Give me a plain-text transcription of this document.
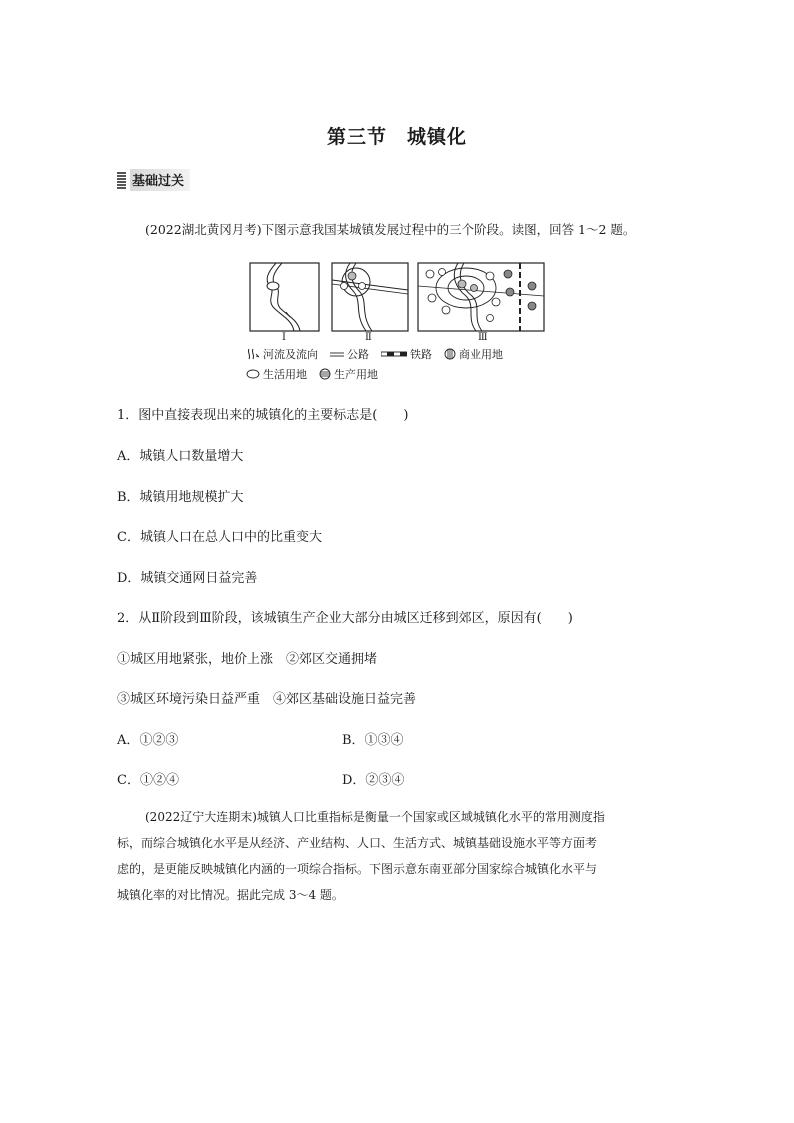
第三节　城镇化
基础过关
(2022湖北黄冈月考)下图示意我国某城镇发展过程中的三个阶段。读图，回答 1～2 题。
Ⅰ	Ⅱ	Ⅲ
河流及流向	公路	铁路 商业用地
生活用地 生产用地
1．图中直接表现出来的城镇化的主要标志是(　　)
A．城镇人口数量增大
B．城镇用地规模扩大
C．城镇人口在总人口中的比重变大
D．城镇交通网日益完善
2．从Ⅱ阶段到Ⅲ阶段，该城镇生产企业大部分由城区迁移到郊区，原因有(　　)
①城区用地紧张，地价上涨　②郊区交通拥堵
③城区环境污染日益严重　④郊区基础设施日益完善
A．①②③	B．①③④
C．①②④	D．②③④
(2022辽宁大连期末)城镇人口比重指标是衡量一个国家或区域城镇化水平的常用测度指
标，而综合城镇化水平是从经济、产业结构、人口、生活方式、城镇基础设施水平等方面考
虑的，是更能反映城镇化内涵的一项综合指标。下图示意东南亚部分国家综合城镇化水平与
城镇化率的对比情况。据此完成 3～4 题。
